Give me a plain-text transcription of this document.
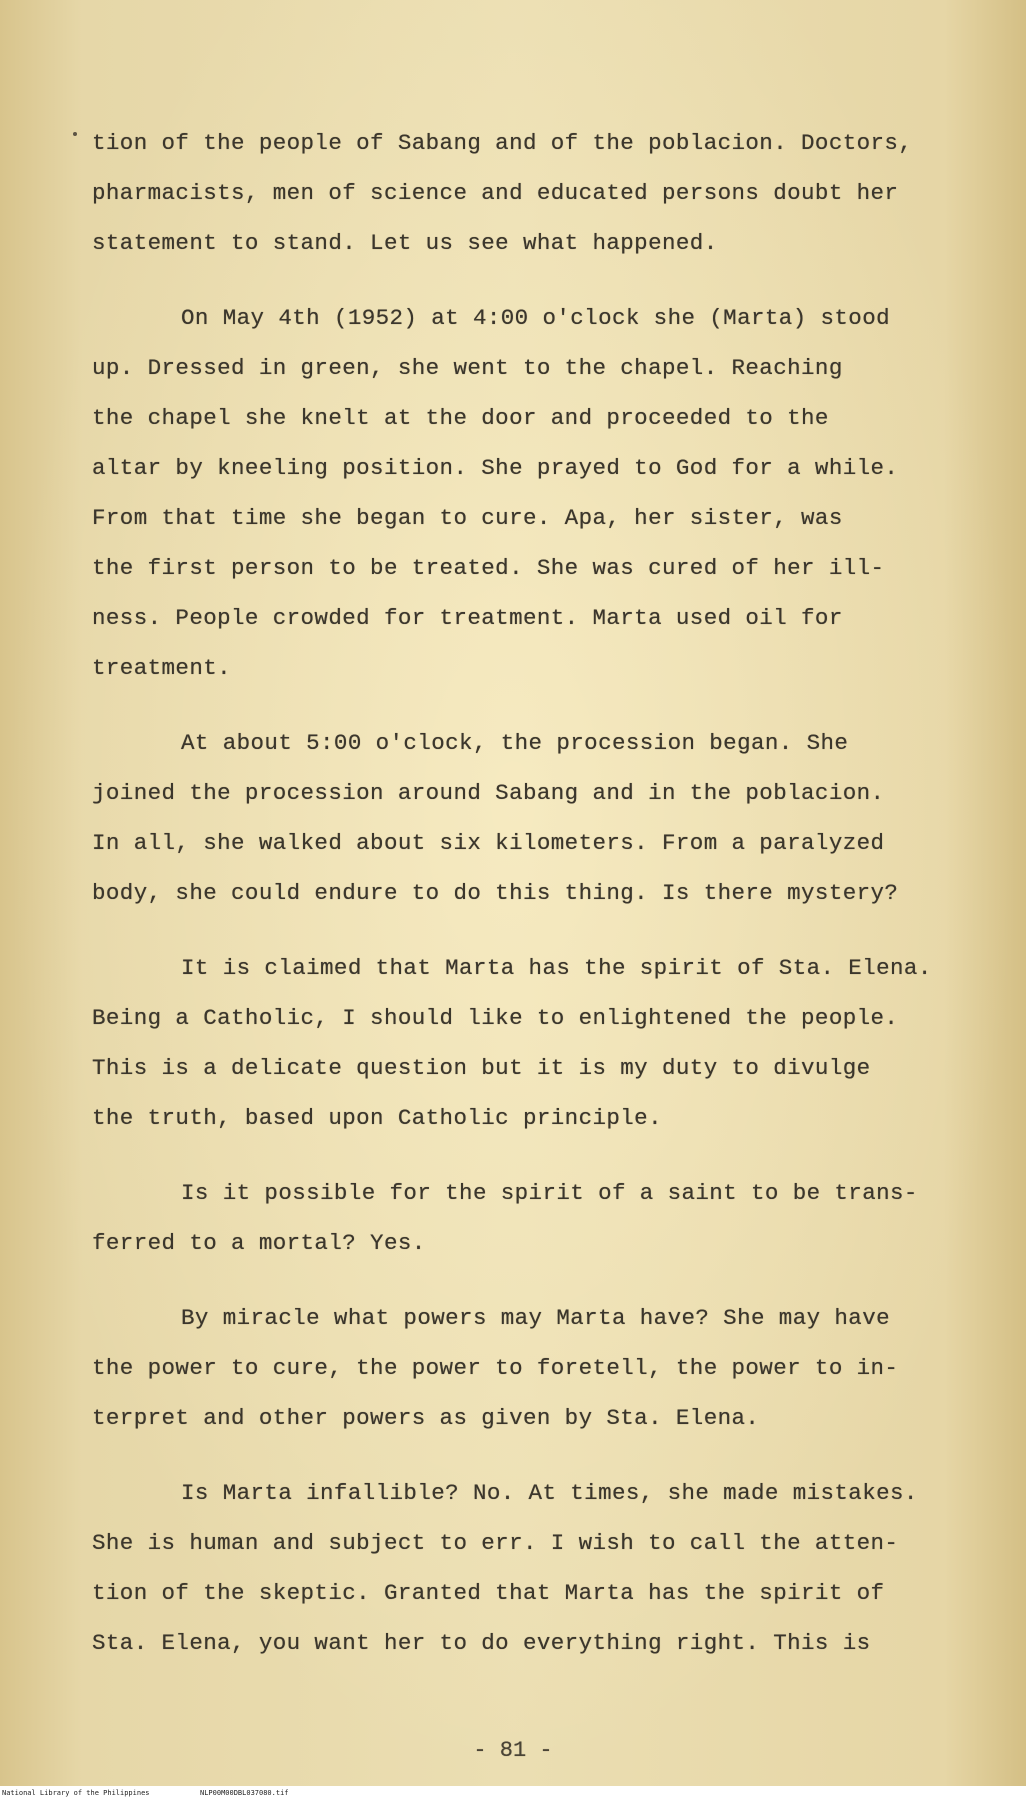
tion of the people of Sabang and of the poblacion. Doctors,
pharmacists, men of science and educated persons doubt her
statement to stand. Let us see what happened.
On May 4th (1952) at 4:00 o'clock she (Marta) stood
up. Dressed in green, she went to the chapel. Reaching
the chapel she knelt at the door and proceeded to the
altar by kneeling position. She prayed to God for a while.
From that time she began to cure. Apa, her sister, was
the first person to be treated. She was cured of her ill-
ness. People crowded for treatment. Marta used oil for
treatment.
At about 5:00 o'clock, the procession began. She
joined the procession around Sabang and in the poblacion.
In all, she walked about six kilometers. From a paralyzed
body, she could endure to do this thing. Is there mystery?
It is claimed that Marta has the spirit of Sta. Elena.
Being a Catholic, I should like to enlightened the people.
This is a delicate question but it is my duty to divulge
the truth, based upon Catholic principle.
Is it possible for the spirit of a saint to be trans-
ferred to a mortal? Yes.
By miracle what powers may Marta have? She may have
the power to cure, the power to foretell, the power to in-
terpret and other powers as given by Sta. Elena.
Is Marta infallible? No. At times, she made mistakes.
She is human and subject to err. I wish to call the atten-
tion of the skeptic. Granted that Marta has the spirit of
Sta. Elena, you want her to do everything right. This is
- 81 -
National Library of the Philippines	NLP00M00DBL037080.tif
